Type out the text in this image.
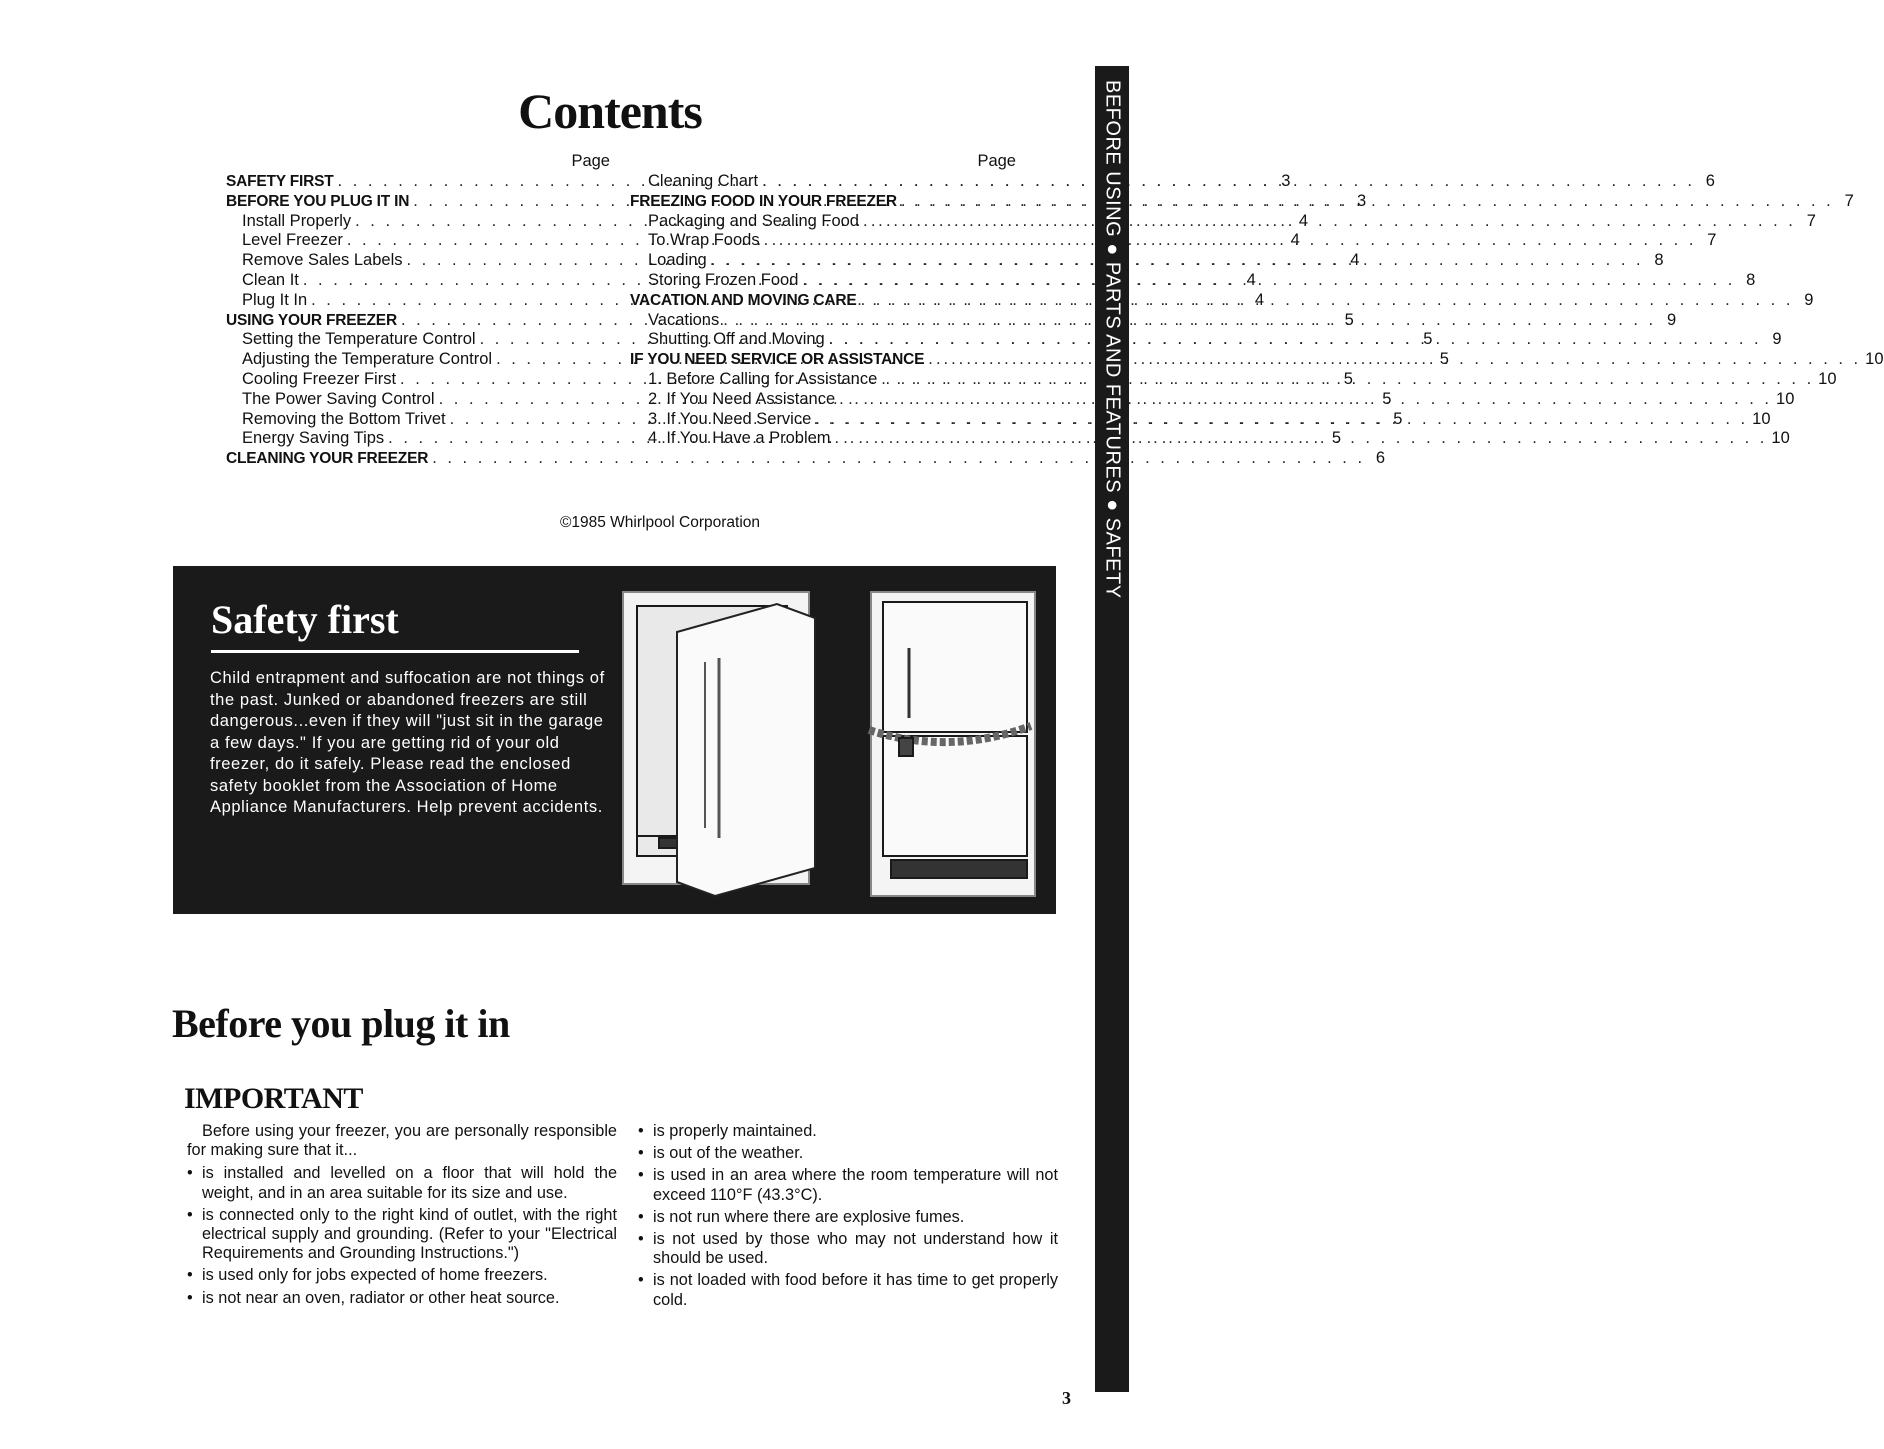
Contents
Page
SAFETY FIRST . . .	3
BEFORE YOU PLUG IT IN . . .	3
Install Properly . . .	4
Level Freezer . . .	4
Remove Sales Labels . . .	4
Clean It . . .	4
Plug It In . . .	4
USING YOUR FREEZER . . .	5
Setting the Temperature Control . . .	5
Adjusting the Temperature Control . . .	5
Cooling Freezer First . . .	5
The Power Saving Control . . .	5
Removing the Bottom Trivet . . .	5
Energy Saving Tips . . .	5
CLEANING YOUR FREEZER . . .	6
Page
Cleaning Chart . . .	6
FREEZING FOOD IN YOUR FREEZER . . .	7
Packaging and Sealing Food . . .	7
To Wrap Foods . . .	7
Loading . . .	8
Storing Frozen Food . . .	8
VACATION AND MOVING CARE . . .	9
Vacations . . .	9
Shutting Off and Moving . . .	9
IF YOU NEED SERVICE OR ASSISTANCE . . .	10
1. Before Calling for Assistance . . .	10
2. If You Need Assistance . . .	10
3. If You Need Service . . .	10
4. If You Have a Problem . . .	10
©1985 Whirlpool Corporation
Safety first
Child entrapment and suffocation are not things of the past. Junked or abandoned freezers are still dangerous...even if they will "just sit in the garage a few days." If you are getting rid of your old freezer, do it safely. Please read the enclosed safety booklet from the Association of Home Appliance Manufacturers. Help prevent accidents.
BEFORE USING ● PARTS AND FEATURES ● SAFETY
Before you plug it in
IMPORTANT

Before using your freezer, you are personally responsible for making sure that it...

• is installed and levelled on a floor that will hold the weight, and in an area suitable for its size and use.
• is connected only to the right kind of outlet, with the right electrical supply and grounding. (Refer to your "Electrical Requirements and Grounding Instructions.")
• is used only for jobs expected of home freezers.
• is not near an oven, radiator or other heat source.
• is properly maintained.
• is out of the weather.
• is used in an area where the room temperature will not exceed 110°F (43.3°C).
• is not run where there are explosive fumes.
• is not used by those who may not understand how it should be used.
• is not loaded with food before it has time to get properly cold.
3
